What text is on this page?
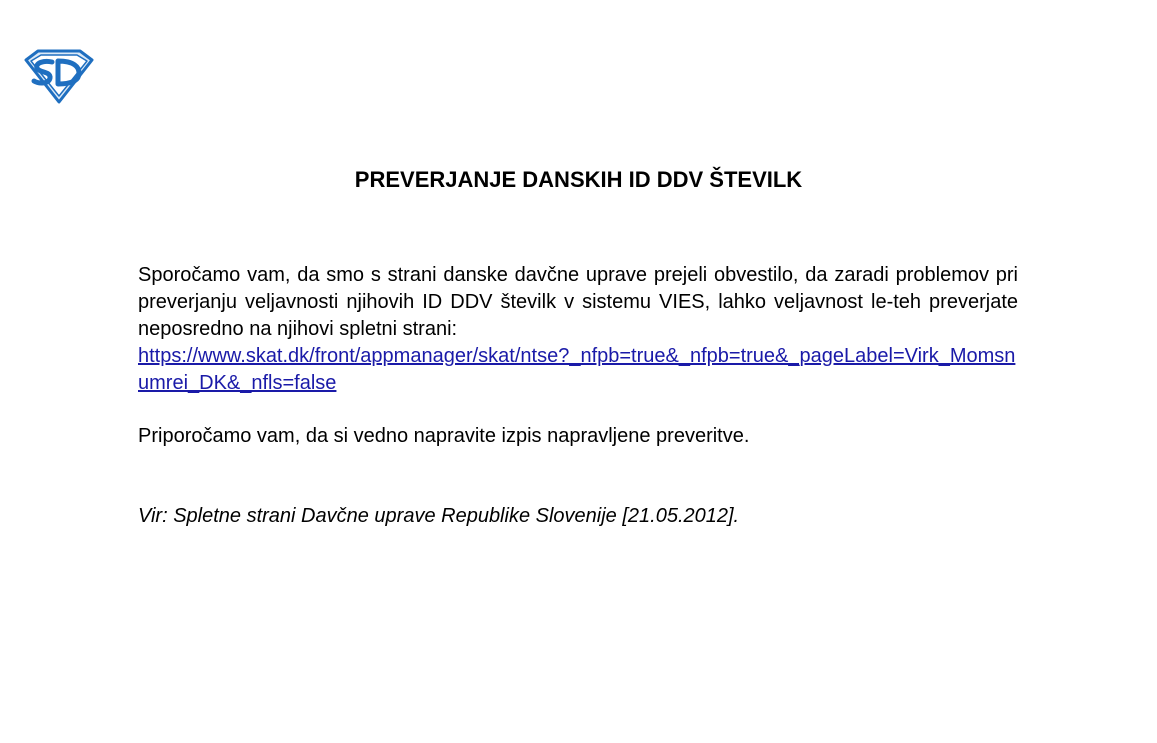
PREVERJANJE DANSKIH ID DDV ŠTEVILK

Sporočamo vam, da smo s strani danske davčne uprave prejeli obvestilo, da zaradi problemov pri preverjanju veljavnosti njihovih ID DDV številk v sistemu VIES, lahko veljavnost le-teh preverjate neposredno na njihovi spletni strani:
https://www.skat.dk/front/appmanager/skat/ntse?_nfpb=true&_nfpb=true&_pageLabel=Virk_Momsnumrei_DK&_nfls=false

Priporočamo vam, da si vedno napravite izpis napravljene preveritve.

Vir: Spletne strani Davčne uprave Republike Slovenije [21.05.2012].
